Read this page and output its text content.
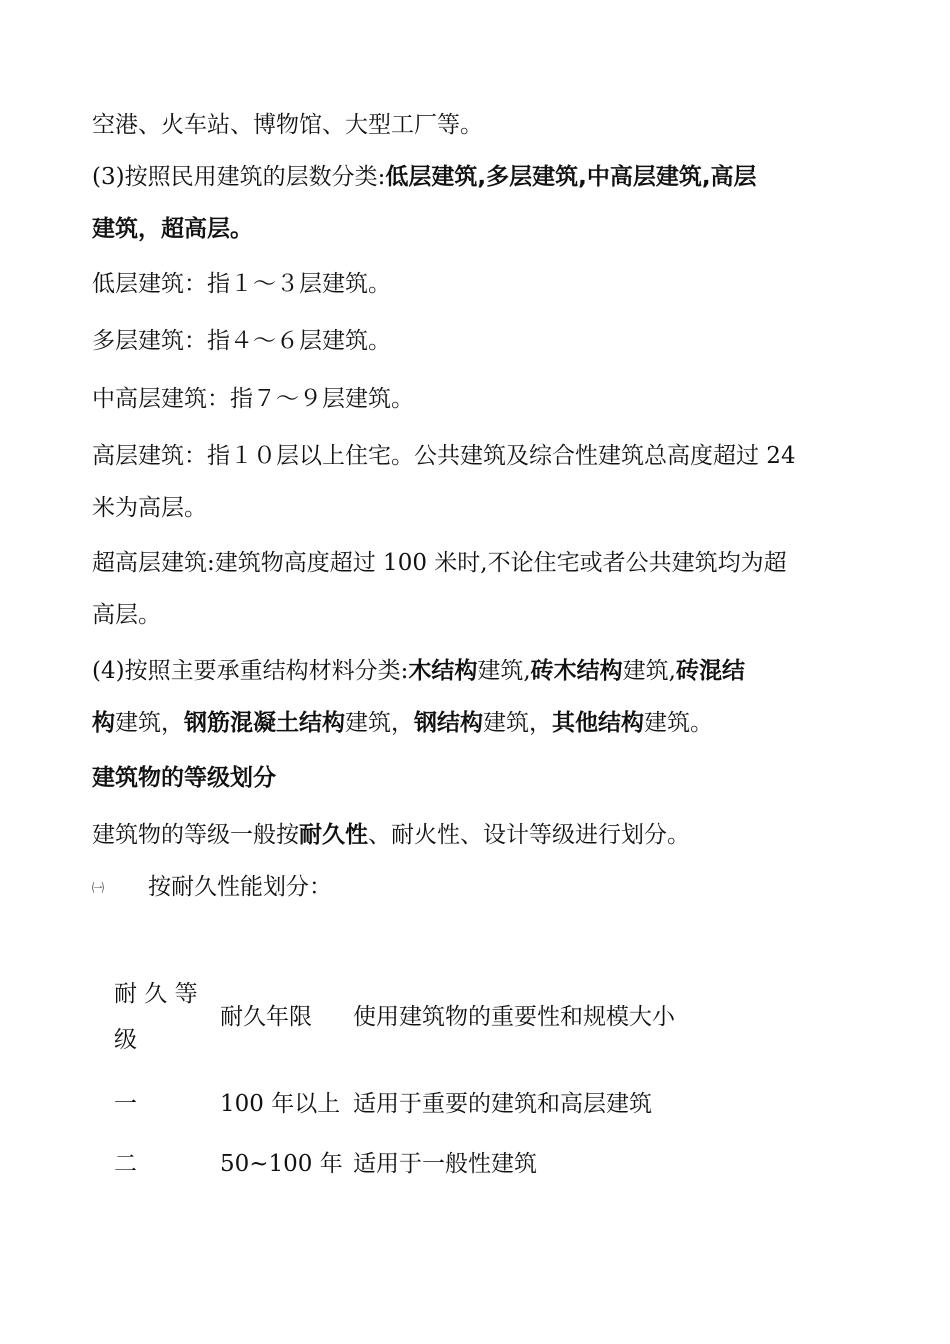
空港、火车站、博物馆、大型工厂等。
(3)按照民用建筑的层数分类:低层建筑,多层建筑,中高层建筑,高层
建筑，超高层。
低层建筑：指１～３层建筑。
多层建筑：指４～６层建筑。
中高层建筑：指７～９层建筑。
高层建筑：指１０层以上住宅。公共建筑及综合性建筑总高度超过 24
米为高层。
超高层建筑:建筑物高度超过 100 米时,不论住宅或者公共建筑均为超
高层。
(4)按照主要承重结构材料分类:木结构建筑,砖木结构建筑,砖混结
构建筑，钢筋混凝土结构建筑，钢结构建筑，其他结构建筑。
建筑物的等级划分
建筑物的等级一般按耐久性、耐火性、设计等级进行划分。
㈠ 按耐久性能划分：
耐 久 等
级
耐久年限 使用建筑物的重要性和规模大小
一	100 年以上 适用于重要的建筑和高层建筑
二	50~100 年 适用于一般性建筑
